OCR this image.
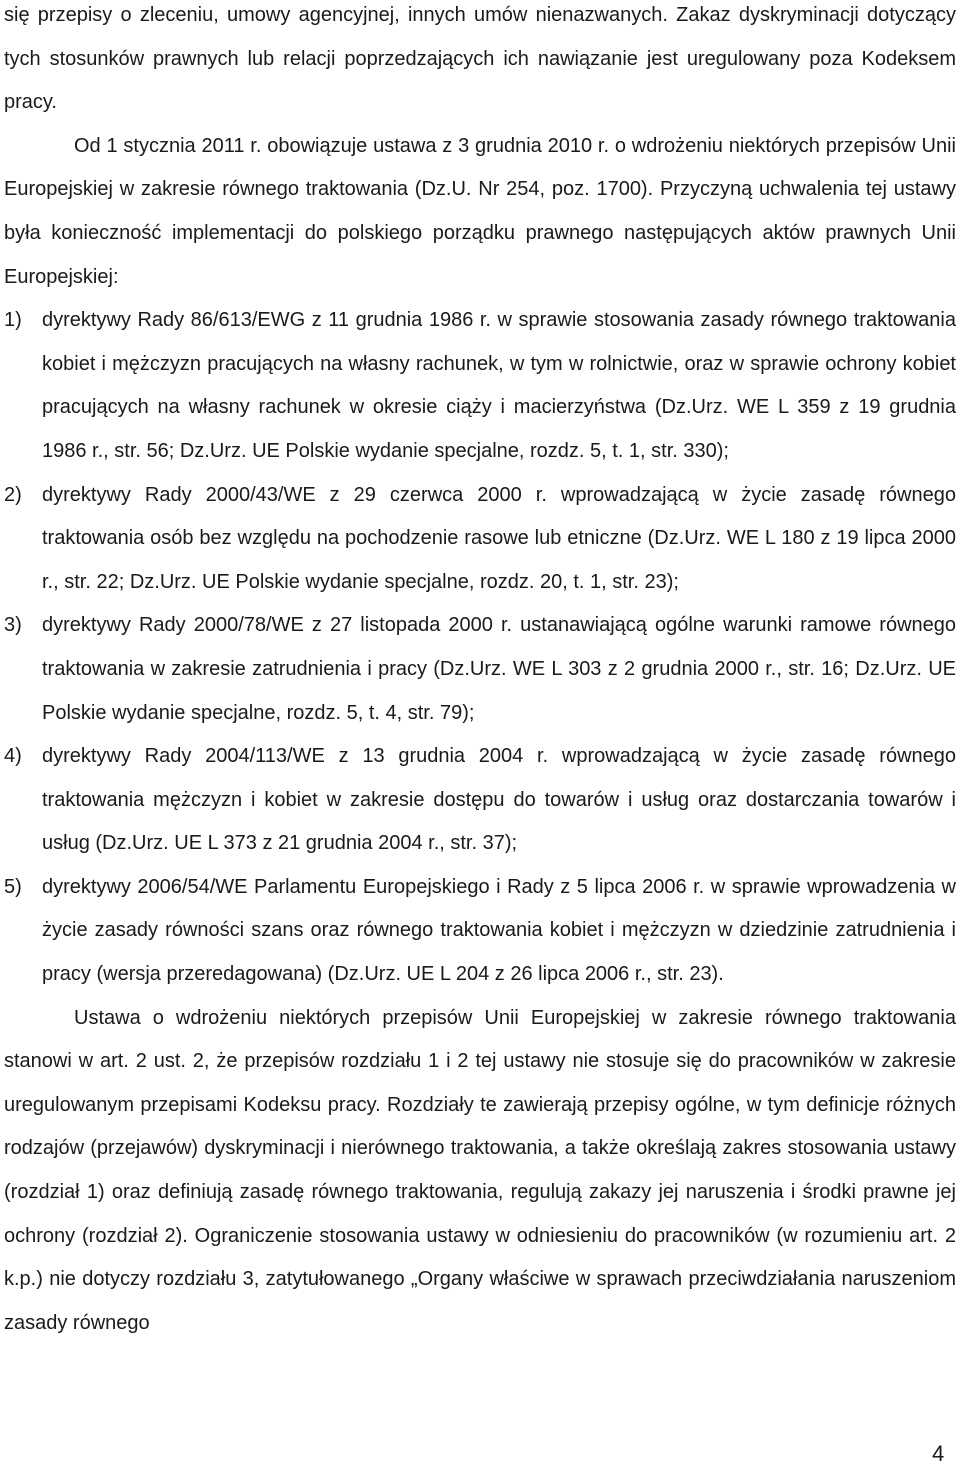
się przepisy o zleceniu, umowy agencyjnej, innych umów nienazwanych. Zakaz dyskryminacji dotyczący tych stosunków prawnych lub relacji poprzedzających ich nawiązanie jest uregulowany poza Kodeksem pracy.

Od 1 stycznia 2011 r. obowiązuje ustawa z 3 grudnia 2010 r. o wdrożeniu niektórych przepisów Unii Europejskiej w zakresie równego traktowania (Dz.U. Nr 254, poz. 1700). Przyczyną uchwalenia tej ustawy była konieczność implementacji do polskiego porządku prawnego następujących aktów prawnych Unii Europejskiej:

1) dyrektywy Rady 86/613/EWG z 11 grudnia 1986 r. w sprawie stosowania zasady równego traktowania kobiet i mężczyzn pracujących na własny rachunek, w tym w rolnictwie, oraz w sprawie ochrony kobiet pracujących na własny rachunek w okresie ciąży i macierzyństwa (Dz.Urz. WE L 359 z 19 grudnia 1986 r., str. 56; Dz.Urz. UE Polskie wydanie specjalne, rozdz. 5, t. 1, str. 330);
2) dyrektywy Rady 2000/43/WE z 29 czerwca 2000 r. wprowadzającą w życie zasadę równego traktowania osób bez względu na pochodzenie rasowe lub etniczne (Dz.Urz. WE L 180 z 19 lipca 2000 r., str. 22; Dz.Urz. UE Polskie wydanie specjalne, rozdz. 20, t. 1, str. 23);
3) dyrektywy Rady 2000/78/WE z 27 listopada 2000 r. ustanawiającą ogólne warunki ramowe równego traktowania w zakresie zatrudnienia i pracy (Dz.Urz. WE L 303 z 2 grudnia 2000 r., str. 16; Dz.Urz. UE Polskie wydanie specjalne, rozdz. 5, t. 4, str. 79);
4) dyrektywy Rady 2004/113/WE z 13 grudnia 2004 r. wprowadzającą w życie zasadę równego traktowania mężczyzn i kobiet w zakresie dostępu do towarów i usług oraz dostarczania towarów i usług (Dz.Urz. UE L 373 z 21 grudnia 2004 r., str. 37);
5) dyrektywy 2006/54/WE Parlamentu Europejskiego i Rady z 5 lipca 2006 r. w sprawie wprowadzenia w życie zasady równości szans oraz równego traktowania kobiet i mężczyzn w dziedzinie zatrudnienia i pracy (wersja przeredagowana) (Dz.Urz. UE L 204 z 26 lipca 2006 r., str. 23).

Ustawa o wdrożeniu niektórych przepisów Unii Europejskiej w zakresie równego traktowania stanowi w art. 2 ust. 2, że przepisów rozdziału 1 i 2 tej ustawy nie stosuje się do pracowników w zakresie uregulowanym przepisami Kodeksu pracy. Rozdziały te zawierają przepisy ogólne, w tym definicje różnych rodzajów (przejawów) dyskryminacji i nierównego traktowania, a także określają zakres stosowania ustawy (rozdział 1) oraz definiują zasadę równego traktowania, regulują zakazy jej naruszenia i środki prawne jej ochrony (rozdział 2). Ograniczenie stosowania ustawy w odniesieniu do pracowników (w rozumieniu art. 2 k.p.) nie dotyczy rozdziału 3, zatytułowanego „Organy właściwe w sprawach przeciwdziałania naruszeniom zasady równego

4
